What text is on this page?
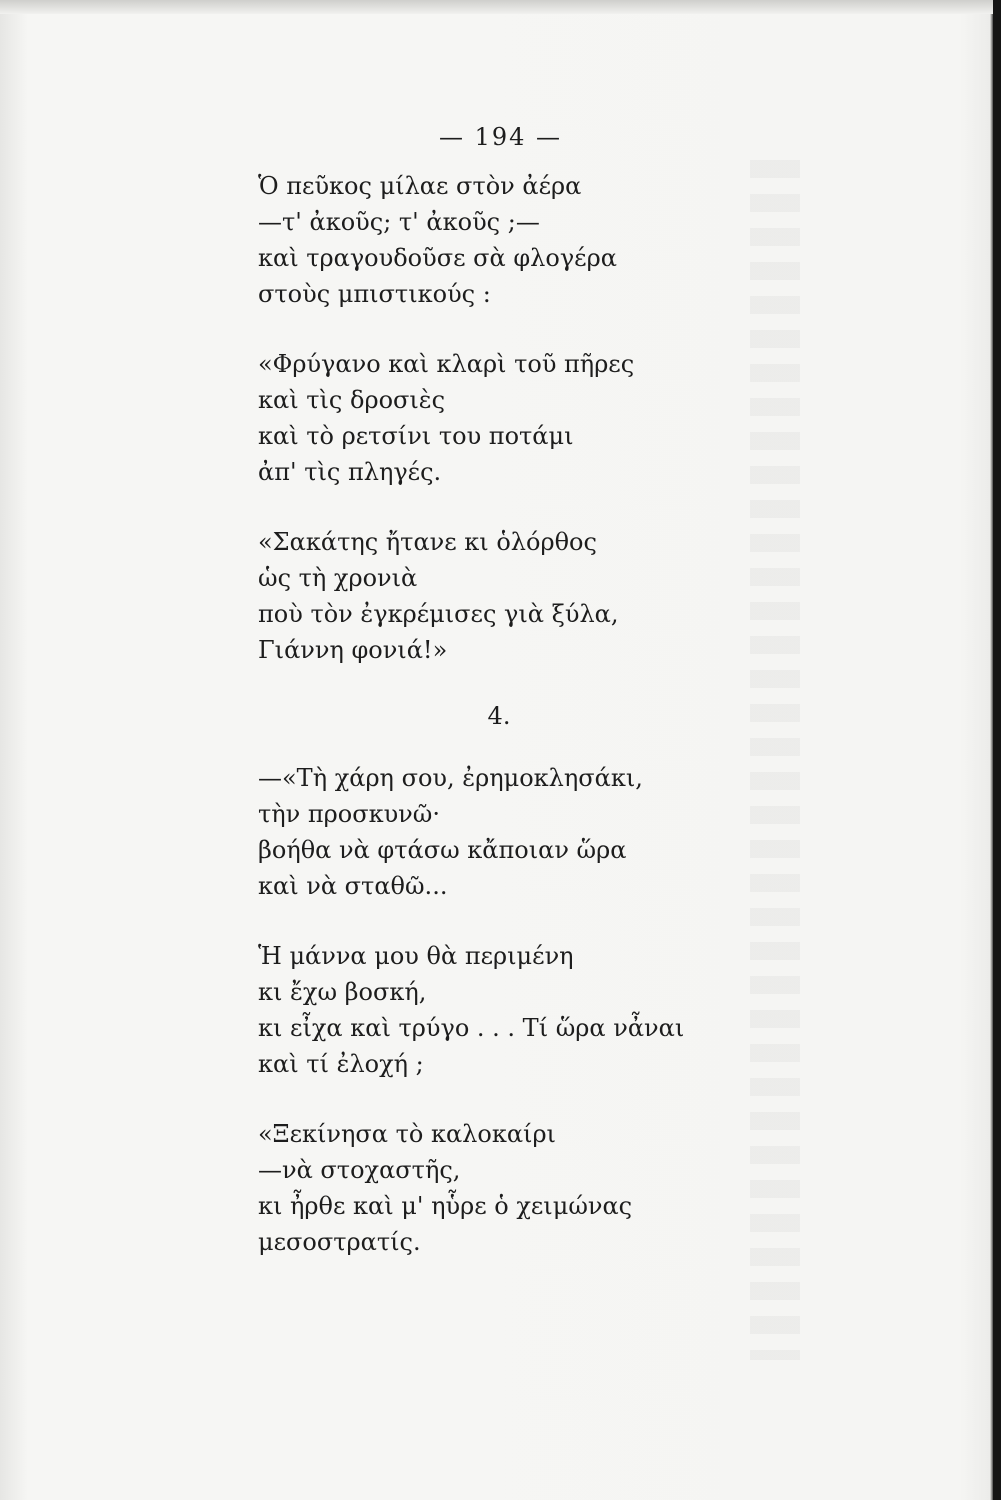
— 194 —
Ὁ πεῦκος μίλαε στὸν ἀέρα
—τ' ἀκοῦς; τ' ἀκοῦς ;—
καὶ τραγουδοῦσε σὰ φλογέρα
στοὺς μπιστικούς :
«Φρύγανο καὶ κλαρὶ τοῦ πῆρες
καὶ τὶς δροσιὲς
καὶ τὸ ρετσίνι του ποτάμι
ἀπ' τὶς πληγές.
«Σακάτης ἤτανε κι ὁλόρθος
ὡς τὴ χρονιὰ
ποὺ τὸν ἐγκρέμισες γιὰ ξύλα,
Γιάννη φονιά!»
4.
—«Τὴ χάρη σου, ἐρημοκλησάκι,
τὴν προσκυνῶ·
βοήθα νὰ φτάσω κἄποιαν ὥρα
καὶ νὰ σταθῶ...
Ἡ μάννα μου θὰ περιμένη
κι ἔχω βοσκή,
κι εἶχα καὶ τρύγο . . . Τί ὥρα νἆναι
καὶ τί ἐλοχή ;
«Ξεκίνησα τὸ καλοκαίρι
—νὰ στοχαστῆς,
κι ἦρθε καὶ μ' ηὗρε ὁ χειμώνας
μεσοστρατίς.
